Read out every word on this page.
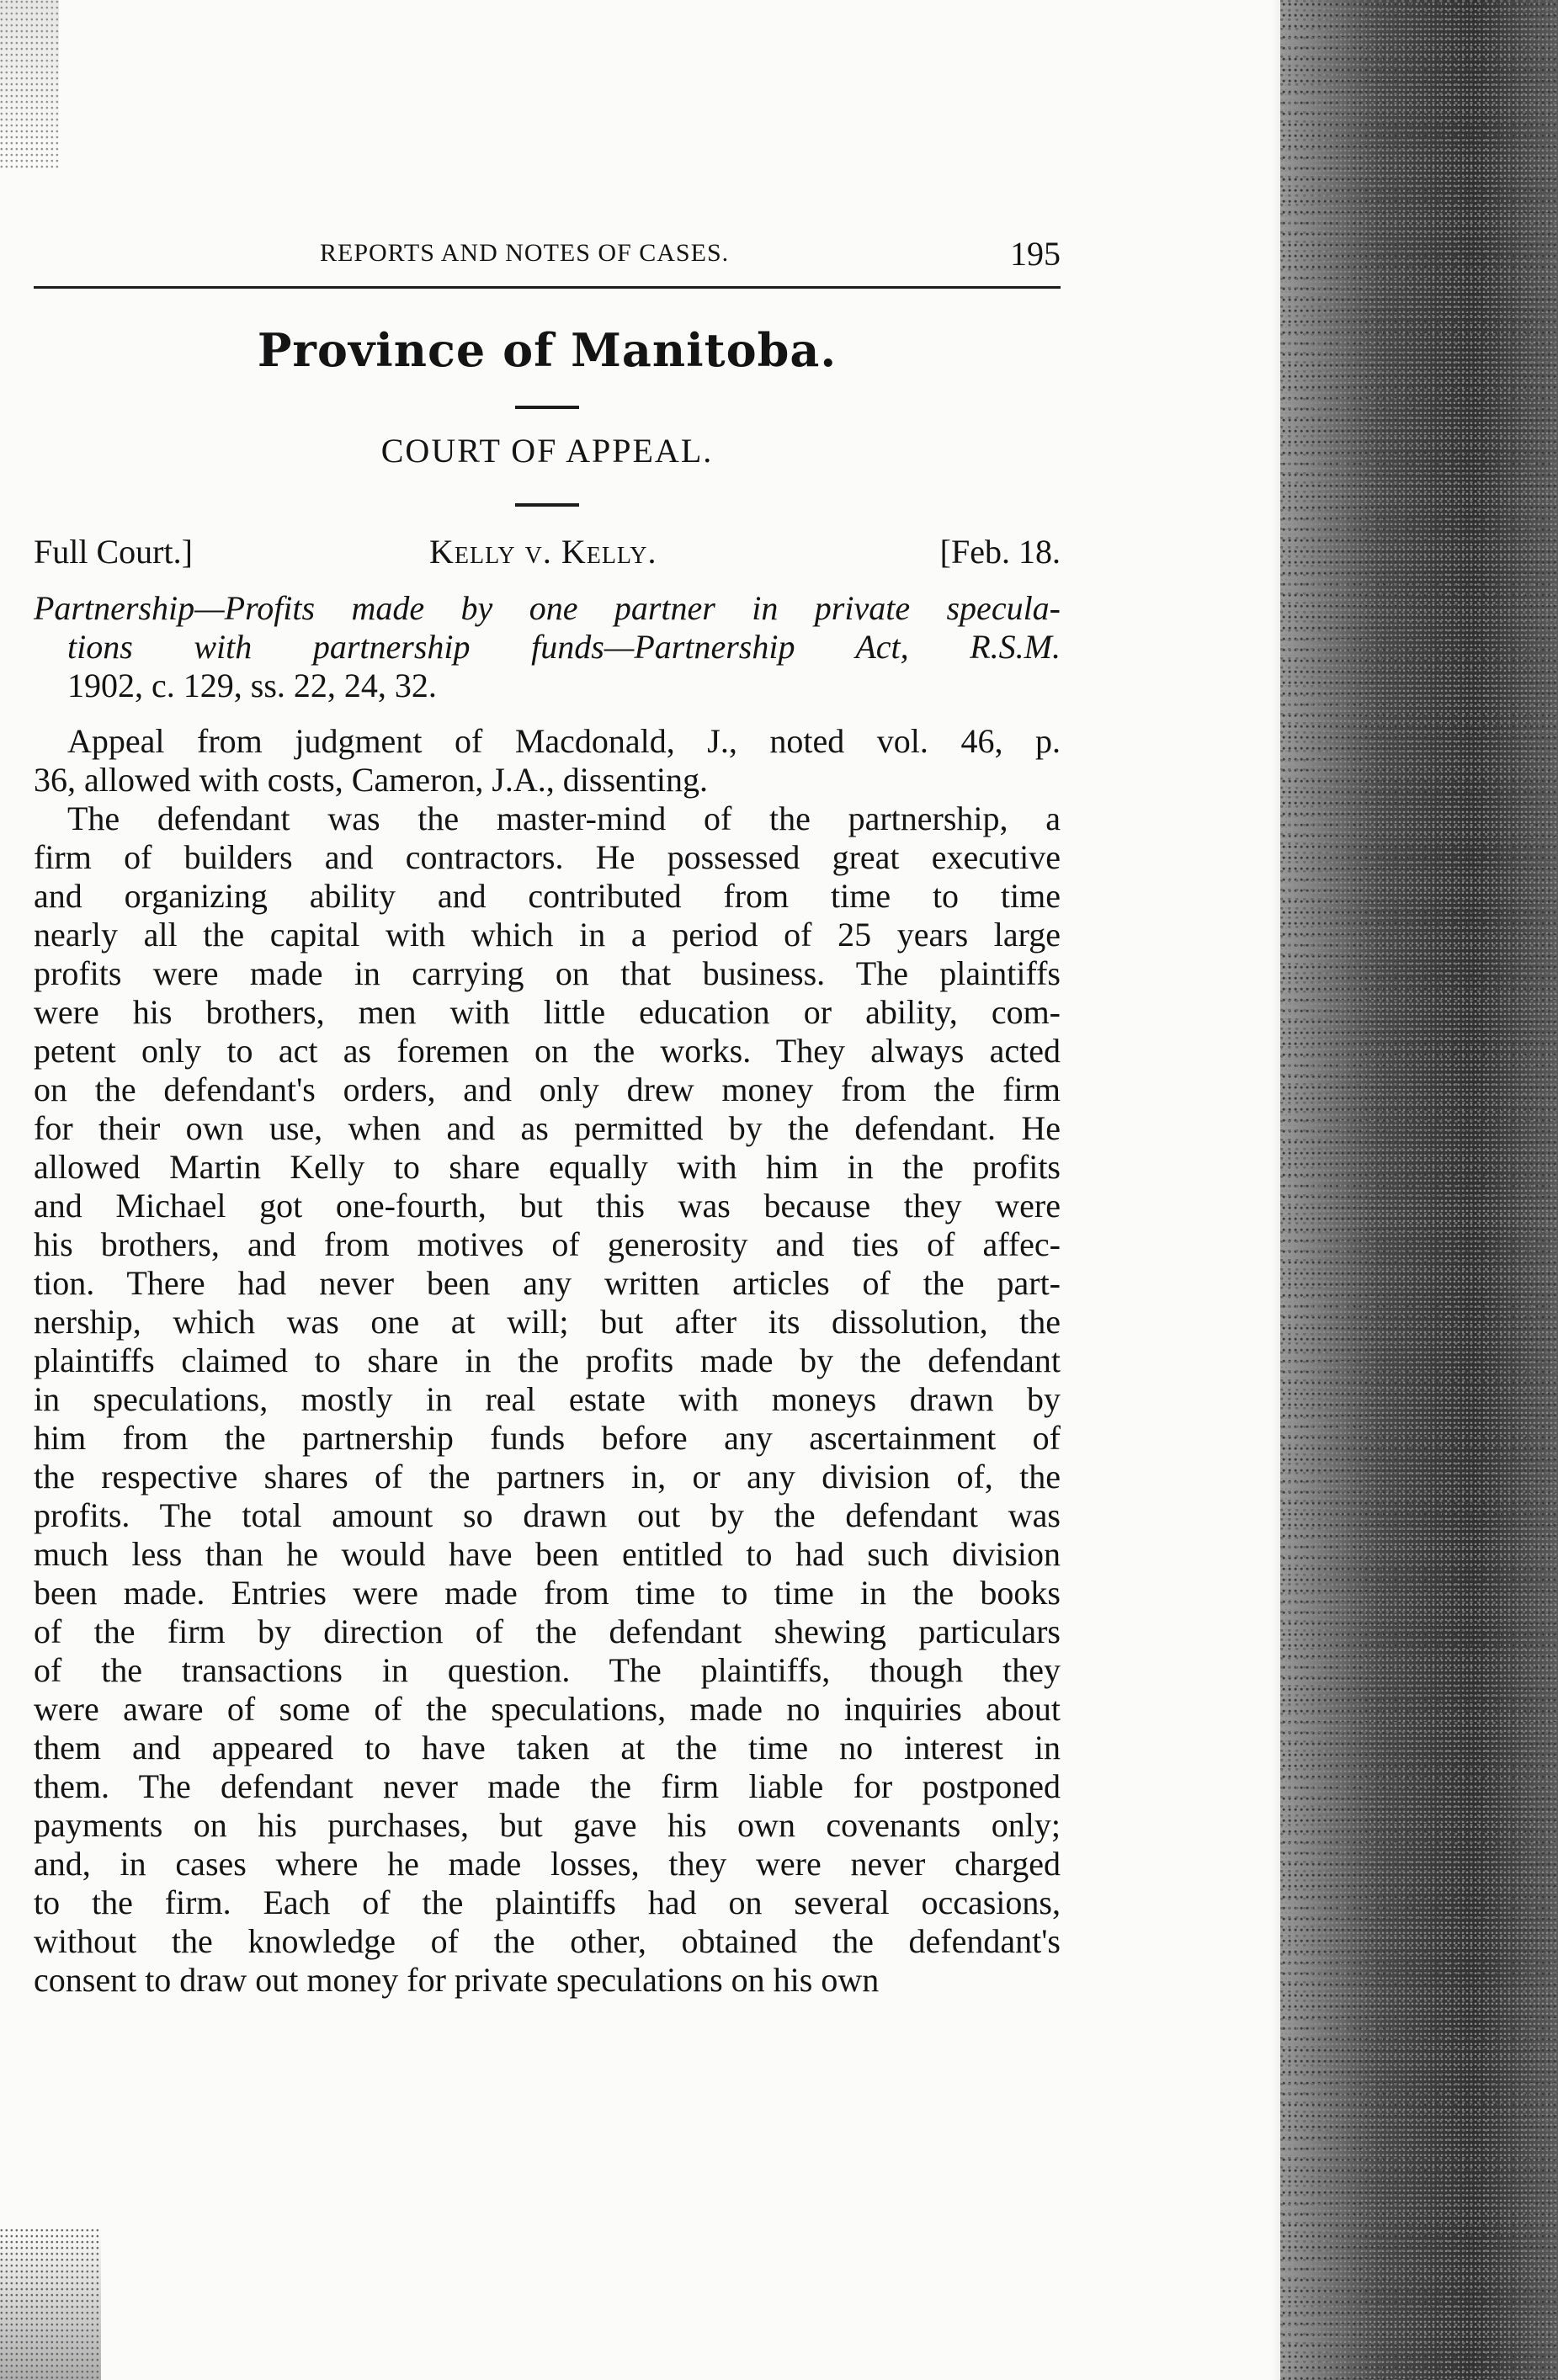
REPORTS AND NOTES OF CASES.	195
Province of Manitoba.
COURT OF APPEAL.
Full Court.]	Kelly v. Kelly.	[Feb. 18.
Partnership—Profits made by one partner in private specula-
tions with partnership funds—Partnership Act, R.S.M.
1902, c. 129, ss. 22, 24, 32.
Appeal from judgment of Macdonald, J., noted vol. 46, p.
36, allowed with costs, Cameron, J.A., dissenting.
The defendant was the master-mind of the partnership, a
firm of builders and contractors. He possessed great executive
and organizing ability and contributed from time to time
nearly all the capital with which in a period of 25 years large
profits were made in carrying on that business. The plaintiffs
were his brothers, men with little education or ability, com-
petent only to act as foremen on the works. They always acted
on the defendant's orders, and only drew money from the firm
for their own use, when and as permitted by the defendant. He
allowed Martin Kelly to share equally with him in the profits
and Michael got one-fourth, but this was because they were
his brothers, and from motives of generosity and ties of affec-
tion. There had never been any written articles of the part-
nership, which was one at will; but after its dissolution, the
plaintiffs claimed to share in the profits made by the defendant
in speculations, mostly in real estate with moneys drawn by
him from the partnership funds before any ascertainment of
the respective shares of the partners in, or any division of, the
profits. The total amount so drawn out by the defendant was
much less than he would have been entitled to had such division
been made. Entries were made from time to time in the books
of the firm by direction of the defendant shewing particulars
of the transactions in question. The plaintiffs, though they
were aware of some of the speculations, made no inquiries about
them and appeared to have taken at the time no interest in
them. The defendant never made the firm liable for postponed
payments on his purchases, but gave his own covenants only;
and, in cases where he made losses, they were never charged
to the firm. Each of the plaintiffs had on several occasions,
without the knowledge of the other, obtained the defendant's
consent to draw out money for private speculations on his own
